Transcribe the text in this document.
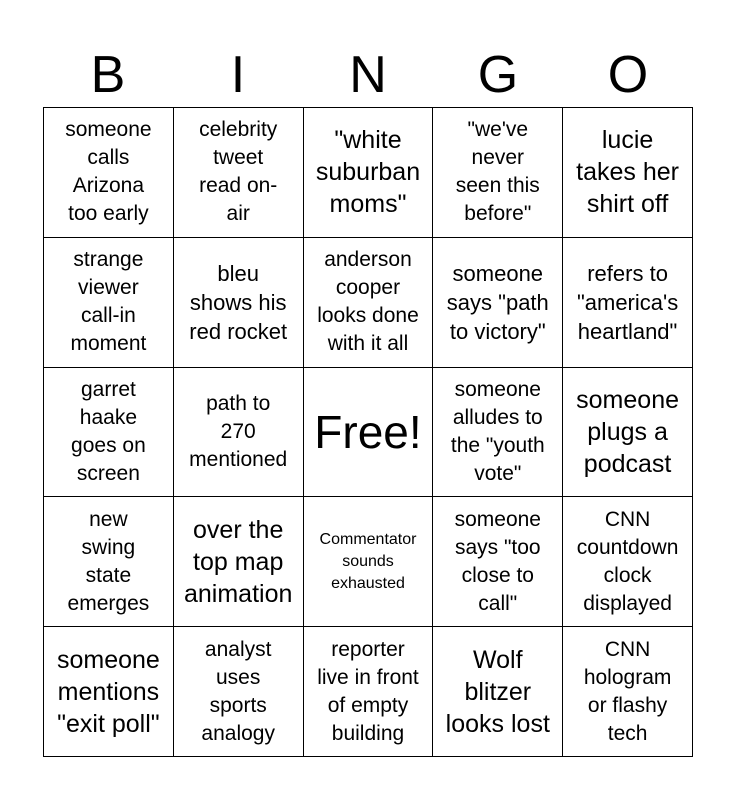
B	I	N	G	O
someone
calls
Arizona
too early
celebrity
tweet
read on-
air
"white
suburban
moms"
"we've
never
seen this
before"
lucie
takes her
shirt off
strange
viewer
call-in
moment
bleu
shows his
red rocket
anderson
cooper
looks done
with it all
someone
says "path
to victory"
refers to
"america's
heartland"
garret
haake
goes on
screen
path to
270
mentioned
Free!
someone
alludes to
the "youth
vote"
someone
plugs a
podcast
new
swing
state
emerges
over the
top map
animation
Commentator
sounds
exhausted
someone
says "too
close to
call"
CNN
countdown
clock
displayed
someone
mentions
"exit poll"
analyst
uses
sports
analogy
reporter
live in front
of empty
building
Wolf
blitzer
looks lost
CNN
hologram
or flashy
tech
